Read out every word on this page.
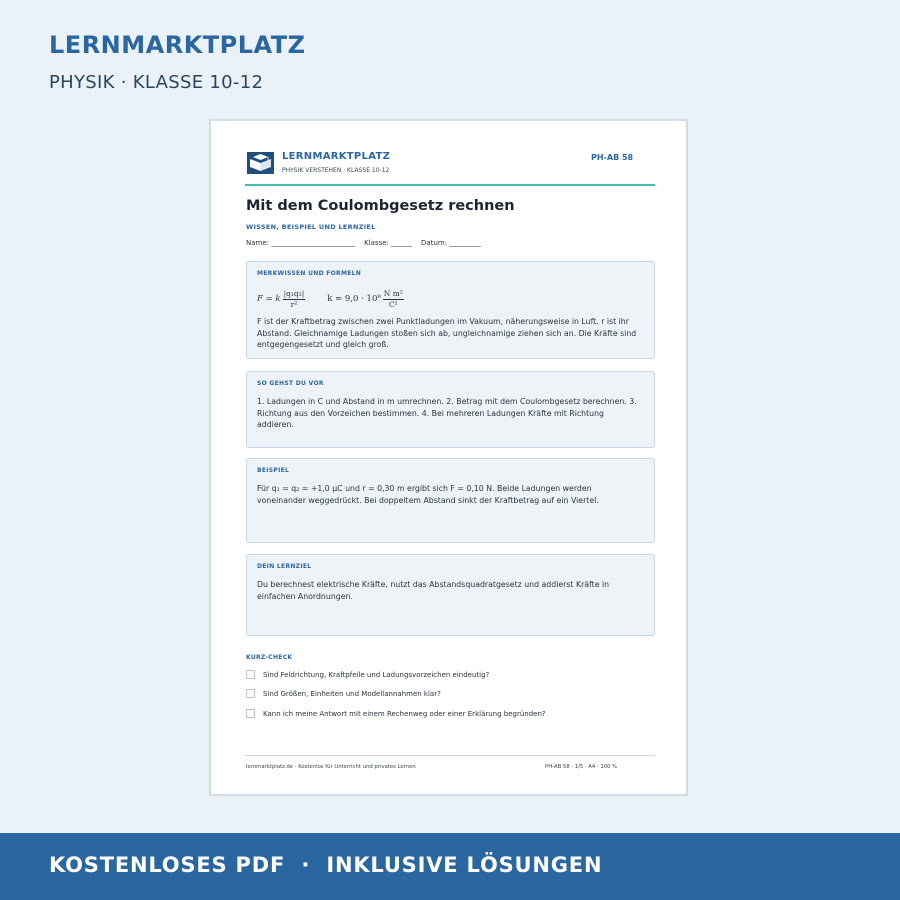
LERNMARKTPLATZ
PHYSIK · KLASSE 10-12
LERNMARKTPLATZ
PHYSIK VERSTEHEN · KLASSE 10-12
PH-AB 58
Mit dem Coulombgesetz rechnen
WISSEN, BEISPIEL UND LERNZIEL
Name: ________________________    Klasse: ______    Datum: _________
MERKWISSEN UND FORMELN
F = k $\frac{\text{|q₁q₂|}}{\text{r²}}$	$k \approx 9,0 \cdot 10^9 \frac{\text{N m²}}{\text{C²}}$
F ist der Kraftbetrag zwischen zwei Punktladungen im Vakuum, näherungsweise in Luft. r ist ihr Abstand. Gleichnamige Ladungen stoßen sich ab, ungleichnamige ziehen sich an. Die Kräfte sind entgegengesetzt und gleich groß.
SO GEHST DU VOR
1. Ladungen in C und Abstand in m umrechnen. 2. Betrag mit dem Coulombgesetz berechnen. 3. Richtung aus den Vorzeichen bestimmen. 4. Bei mehreren Ladungen Kräfte mit Richtung addieren.
BEISPIEL
Für q₁ = q₂ = +1,0 μC und r = 0,30 m ergibt sich F = 0,10 N. Beide Ladungen werden voneinander weggedrückt. Bei doppeltem Abstand sinkt der Kraftbetrag auf ein Viertel.
DEIN LERNZIEL
Du berechnest elektrische Kräfte, nutzt das Abstandsquadratgesetz und addierst Kräfte in einfachen Anordnungen.
KURZ-CHECK
Sind Feldrichtung, Kraftpfeile und Ladungsvorzeichen eindeutig?
Sind Größen, Einheiten und Modellannahmen klar?
Kann ich meine Antwort mit einem Rechenweg oder einer Erklärung begründen?
lernmarktplatz.de · Kostenlos für Unterricht und privates Lernen	PH-AB 58 · 1/5 · A4 · 100 %
KOSTENLOSES PDF  ·  INKLUSIVE LÖSUNGEN
